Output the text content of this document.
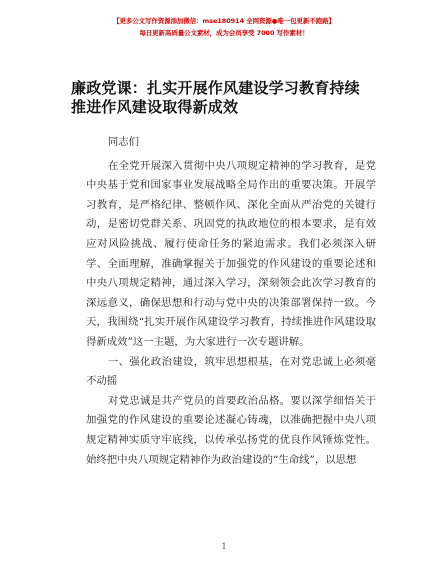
【更多公文写作资源添加微信：mse180914 全网资源●唯一包更新不跑路】
每日更新高质量公文素材，成为会员享受 7000 写作素材！
廉政党课：扎实开展作风建设学习教育持续推进作风建设取得新成效

同志们

在全党开展深入贯彻中央八项规定精神的学习教育，是党中央基于党和国家事业发展战略全局作出的重要决策。开展学习教育，是严格纪律、整顿作风、深化全面从严治党的关键行动，是密切党群关系、巩固党的执政地位的根本要求，是有效应对风险挑战、履行使命任务的紧迫需求。我们必须深入研学、全面理解，准确掌握关于加强党的作风建设的重要论述和中央八项规定精神，通过深入学习，深刻领会此次学习教育的深远意义，确保思想和行动与党中央的决策部署保持一致。今天，我围绕“扎实开展作风建设学习教育，持续推进作风建设取得新成效”这一主题，为大家进行一次专题讲解。

一、强化政治建设，筑牢思想根基，在对党忠诚上必须毫不动摇

对党忠诚是共产党员的首要政治品格。要以深学细悟关于加强党的作风建设的重要论述凝心铸魂，以准确把握中央八项规定精神实质守牢底线，以传承弘扬党的优良作风锤炼党性。始终把中央八项规定精神作为政治建设的“生命线”，以思想

1
